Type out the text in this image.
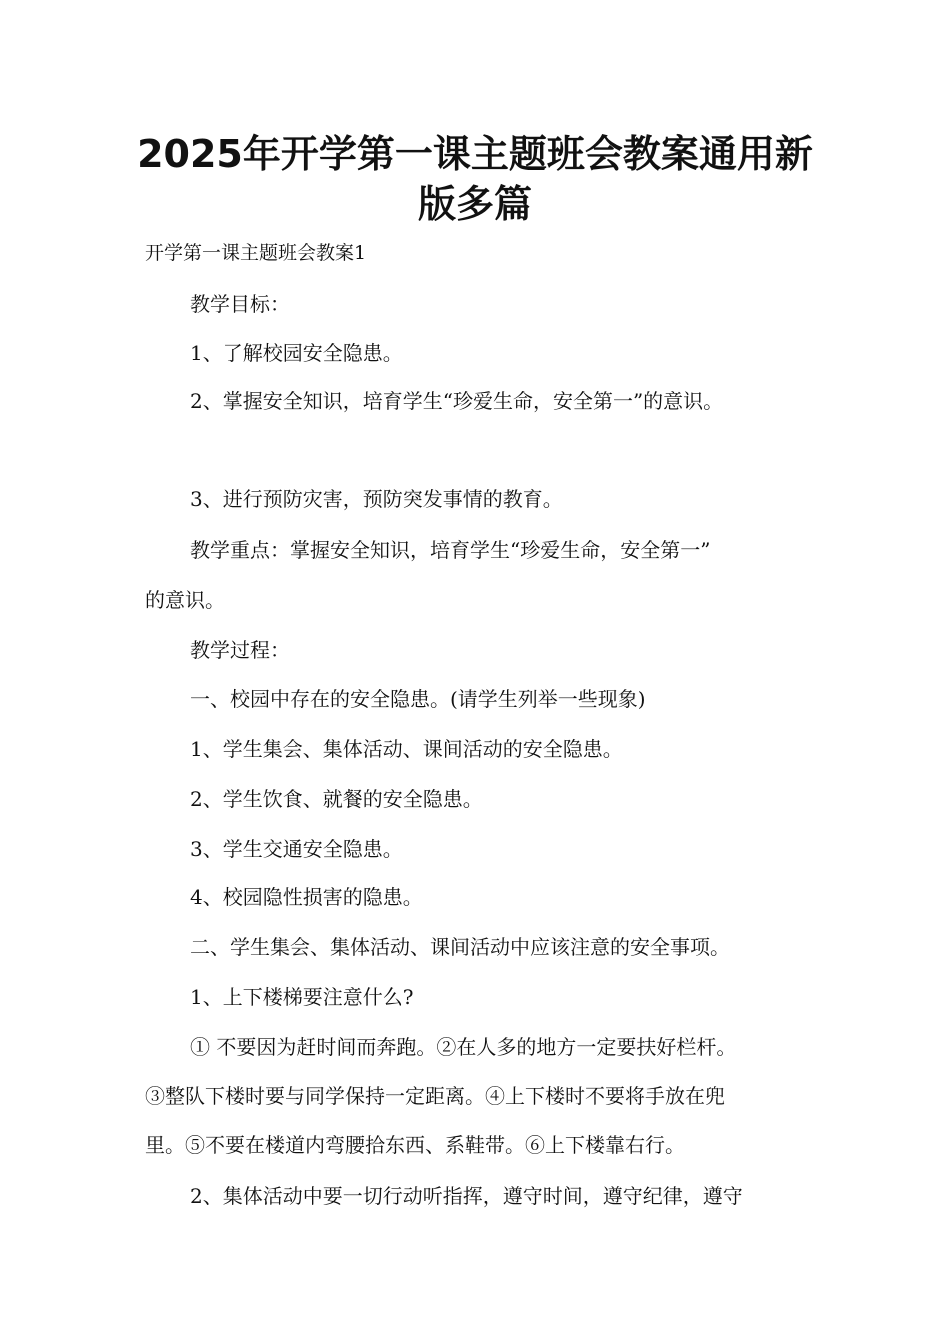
2025年开学第一课主题班会教案通用新
版多篇
开学第一课主题班会教案1
教学目标：
1、了解校园安全隐患。
2、掌握安全知识，培育学生“珍爱生命，安全第一”的意识。
3、进行预防灾害，预防突发事情的教育。
教学重点：掌握安全知识，培育学生“珍爱生命，安全第一”
的意识。
教学过程：
一、校园中存在的安全隐患。(请学生列举一些现象)
1、学生集会、集体活动、课间活动的安全隐患。
2、学生饮食、就餐的安全隐患。
3、学生交通安全隐患。
4、校园隐性损害的隐患。
二、学生集会、集体活动、课间活动中应该注意的安全事项。
1、上下楼梯要注意什么?
① 不要因为赶时间而奔跑。②在人多的地方一定要扶好栏杆。
③整队下楼时要与同学保持一定距离。④上下楼时不要将手放在兜
里。⑤不要在楼道内弯腰拾东西、系鞋带。⑥上下楼靠右行。
2、集体活动中要一切行动听指挥，遵守时间，遵守纪律，遵守
